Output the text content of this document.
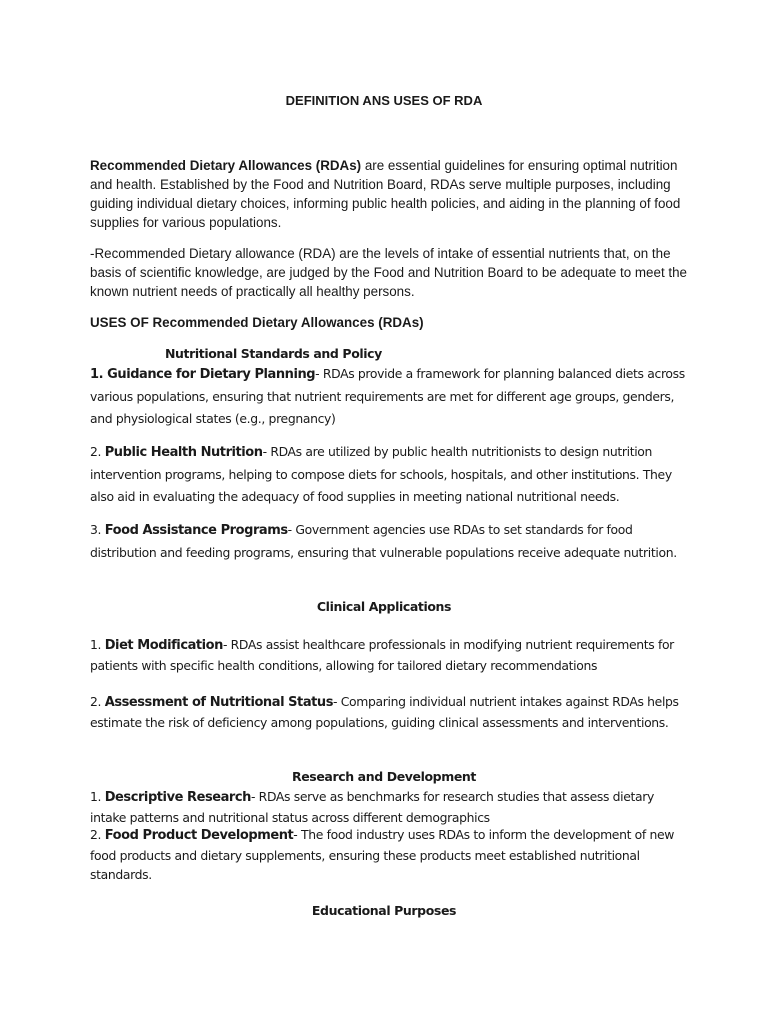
DEFINITION ANS USES OF RDA

Recommended Dietary Allowances (RDAs) are essential guidelines for ensuring optimal nutrition and health. Established by the Food and Nutrition Board, RDAs serve multiple purposes, including guiding individual dietary choices, informing public health policies, and aiding in the planning of food supplies for various populations.

-Recommended Dietary allowance (RDA) are the levels of intake of essential nutrients that, on the basis of scientific knowledge, are judged by the Food and Nutrition Board to be adequate to meet the known nutrient needs of practically all healthy persons.

USES OF Recommended Dietary Allowances (RDAs)
Nutritional Standards and Policy

1. Guidance for Dietary Planning- RDAs provide a framework for planning balanced diets across various populations, ensuring that nutrient requirements are met for different age groups, genders, and physiological states (e.g., pregnancy)

2. Public Health Nutrition- RDAs are utilized by public health nutritionists to design nutrition intervention programs, helping to compose diets for schools, hospitals, and other institutions. They also aid in evaluating the adequacy of food supplies in meeting national nutritional needs.

3. Food Assistance Programs- Government agencies use RDAs to set standards for food distribution and feeding programs, ensuring that vulnerable populations receive adequate nutrition.

Clinical Applications

1. Diet Modification- RDAs assist healthcare professionals in modifying nutrient requirements for patients with specific health conditions, allowing for tailored dietary recommendations

2. Assessment of Nutritional Status- Comparing individual nutrient intakes against RDAs helps estimate the risk of deficiency among populations, guiding clinical assessments and interventions.

Research and Development

1. Descriptive Research- RDAs serve as benchmarks for research studies that assess dietary intake patterns and nutritional status across different demographics

2. Food Product Development- The food industry uses RDAs to inform the development of new food products and dietary supplements, ensuring these products meet established nutritional standards.

Educational Purposes
